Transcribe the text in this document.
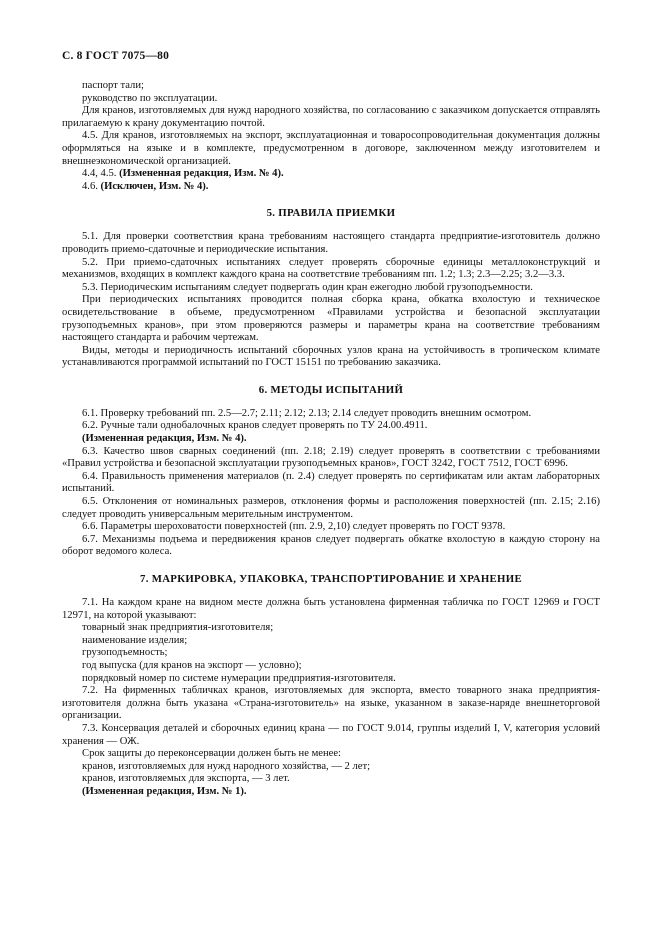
С. 8 ГОСТ 7075—80

паспорт тали;

руководство по эксплуатации.

Для кранов, изготовляемых для нужд народного хозяйства, по согласованию с заказчиком допускается отправлять прилагаемую к крану документацию почтой.

4.5. Для кранов, изготовляемых на экспорт, эксплуатационная и товаросопроводительная документация должны оформляться на языке и в комплекте, предусмотренном в договоре, заключенном между изготовителем и внешнеэкономической организацией.

4.4, 4.5. (Измененная редакция, Изм. № 4).

4.6. (Исключен, Изм. № 4).

5. ПРАВИЛА ПРИЕМКИ

5.1. Для проверки соответствия крана требованиям настоящего стандарта предприятие-изготовитель должно проводить приемо-сдаточные и периодические испытания.

5.2. При приемо-сдаточных испытаниях следует проверять сборочные единицы металлоконструкций и механизмов, входящих в комплект каждого крана на соответствие требованиям пп. 1.2; 1.3; 2.3—2.25; 3.2—3.3.

5.3. Периодическим испытаниям следует подвергать один кран ежегодно любой грузоподъемности.

При периодических испытаниях проводится полная сборка крана, обкатка вхолостую и техническое освидетельствование в объеме, предусмотренном «Правилами устройства и безопасной эксплуатации грузоподъемных кранов», при этом проверяются размеры и параметры крана на соответствие требованиям настоящего стандарта и рабочим чертежам.

Виды, методы и периодичность испытаний сборочных узлов крана на устойчивость в тропическом климате устанавливаются программой испытаний по ГОСТ 15151 по требованию заказчика.

6. МЕТОДЫ ИСПЫТАНИЙ

6.1. Проверку требований пп. 2.5—2.7; 2.11; 2.12; 2.13; 2.14 следует проводить внешним осмотром.

6.2. Ручные тали однобалочных кранов следует проверять по ТУ 24.00.4911.

(Измененная редакция, Изм. № 4).

6.3. Качество швов сварных соединений (пп. 2.18; 2.19) следует проверять в соответствии с требованиями «Правил устройства и безопасной эксплуатации грузоподъемных кранов», ГОСТ 3242, ГОСТ 7512, ГОСТ 6996.

6.4. Правильность применения материалов (п. 2.4) следует проверять по сертификатам или актам лабораторных испытаний.

6.5. Отклонения от номинальных размеров, отклонения формы и расположения поверхностей (пп. 2.15; 2.16) следует проводить универсальным мерительным инструментом.

6.6. Параметры шероховатости поверхностей (пп. 2.9, 2,10) следует проверять по ГОСТ 9378.

6.7. Механизмы подъема и передвижения кранов следует подвергать обкатке вхолостую в каждую сторону на оборот ведомого колеса.

7. МАРКИРОВКА, УПАКОВКА, ТРАНСПОРТИРОВАНИЕ И ХРАНЕНИЕ

7.1. На каждом кране на видном месте должна быть установлена фирменная табличка по ГОСТ 12969 и ГОСТ 12971, на которой указывают:

товарный знак предприятия-изготовителя;

наименование изделия;

грузоподъемность;

год выпуска (для кранов на экспорт — условно);

порядковый номер по системе нумерации предприятия-изготовителя.

7.2. На фирменных табличках кранов, изготовляемых для экспорта, вместо товарного знака предприятия-изготовителя должна быть указана «Страна-изготовитель» на языке, указанном в заказе-наряде внешнеторговой организации.

7.3. Консервация деталей и сборочных единиц крана — по ГОСТ 9.014, группы изделий I, V, категория условий хранения — ОЖ.

Срок защиты до переконсервации должен быть не менее:

кранов, изготовляемых для нужд народного хозяйства, — 2 лет;

кранов, изготовляемых для экспорта, — 3 лет.

(Измененная редакция, Изм. № 1).
